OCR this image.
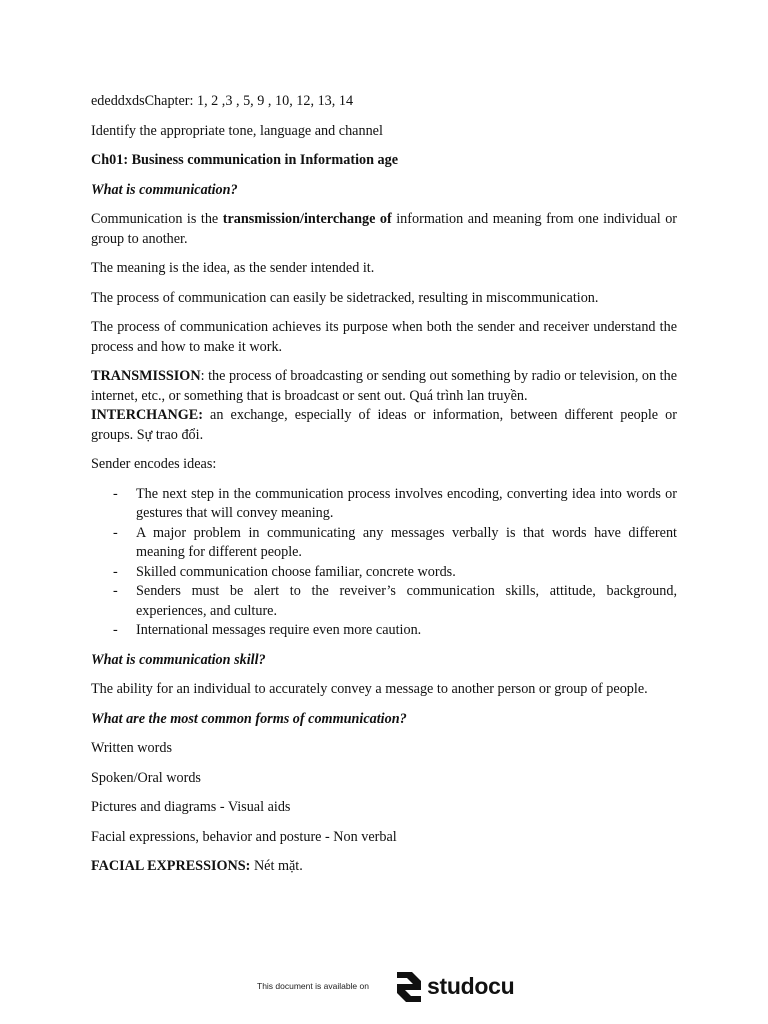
ededdxdsChapter: 1, 2 ,3 , 5, 9 , 10, 12, 13, 14

Identify the appropriate tone, language and channel

Ch01: Business communication in Information age

What is communication?

Communication is the transmission/interchange of information and meaning from one individual or group to another.

The meaning is the idea, as the sender intended it.

The process of communication can easily be sidetracked, resulting in miscommunication.

The process of communication achieves its purpose when both the sender and receiver understand the process and how to make it work.

TRANSMISSION: the process of broadcasting or sending out something by radio or television, on the internet, etc., or something that is broadcast or sent out. Quá trình lan truyền.
INTERCHANGE: an exchange, especially of ideas or information, between different people or groups. Sự trao đổi.

Sender encodes ideas:

- The next step in the communication process involves encoding, converting idea into words or gestures that will convey meaning.
- A major problem in communicating any messages verbally is that words have different meaning for different people.
- Skilled communication choose familiar, concrete words.
- Senders must be alert to the reveiver’s communication skills, attitude, background, experiences, and culture.
- International messages require even more caution.

What is communication skill?

The ability for an individual to accurately convey a message to another person or group of people.

What are the most common forms of communication?

Written words

Spoken/Oral words

Pictures and diagrams - Visual aids

Facial expressions, behavior and posture - Non verbal

FACIAL EXPRESSIONS: Nét mặt.

This document is available on	studocu
